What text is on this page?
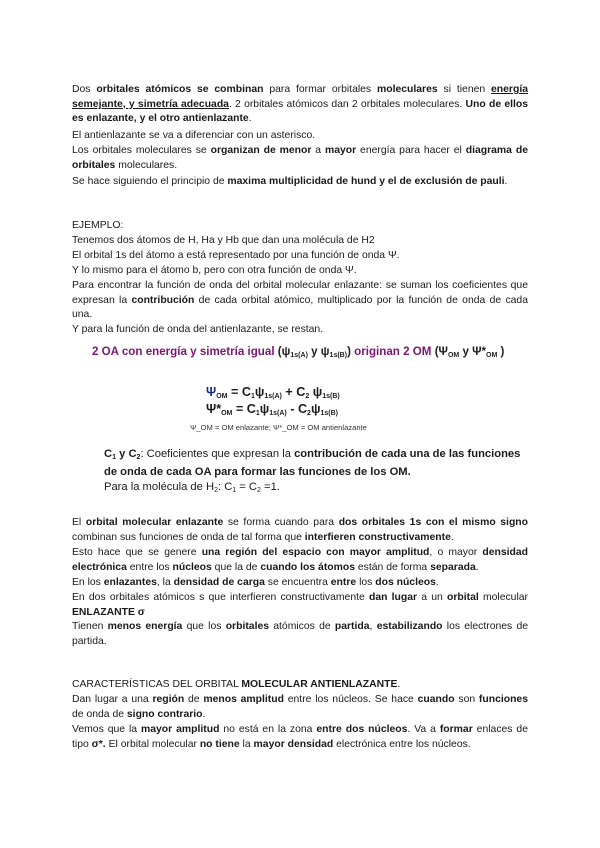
Dos orbitales atómicos se combinan para formar orbitales moleculares si tienen energía semejante, y simetría adecuada. 2 orbitales atómicos dan 2 orbitales moleculares. Uno de ellos es enlazante, y el otro antienlazante.

El antienlazante se va a diferenciar con un asterisco.

Los orbitales moleculares se organizan de menor a mayor energía para hacer el diagrama de orbitales moleculares.

Se hace siguiendo el principio de maxima multiplicidad de hund y el de exclusión de pauli.

EJEMPLO:

Tenemos dos átomos de H, Ha y Hb que dan una molécula de H2

El orbital 1s del átomo a está representado por una función de onda Ψ.

Y lo mismo para el átomo b, pero con otra función de onda Ψ.

Para encontrar la función de onda del orbital molecular enlazante: se suman los coeficientes que expresan la contribución de cada orbital atómico, multiplicado por la función de onda de cada una.

Y para la función de onda del antienlazante, se restan.

2 OA con energía y simetría igual ($\psi_{1s(A)}$ y $\psi_{1s(B)}$) originan 2 OM ($\Psi_{OM}$ y $\Psi*_{OM}$ )
$\Psi_{OM} = C_1\psi_{1s(A)} + C_2$ $\psi_{1s(B)}$
$\Psi*_{OM} = C_1\psi_{1s(A)} - C_2\psi_{1s(B)}$
Ψ_OM = OM enlazante; Ψ*_OM = OM antienlazante
$C_1$ y $C_2$: Coeficientes que expresan la contribución de cada una de las funciones de onda de cada OA para formar las funciones de los OM.
Para la molécula de $H_2$: $C_1 = C_2 =1$.

El orbital molecular enlazante se forma cuando para dos orbitales 1s con el mismo signo combinan sus funciones de onda de tal forma que interfieren constructivamente.

Esto hace que se genere una región del espacio con mayor amplitud, o mayor densidad electrónica entre los núcleos que la de cuando los átomos están de forma separada.

En los enlazantes, la densidad de carga se encuentra entre los dos núcleos.

En dos orbitales atómicos s que interfieren constructivamente dan lugar a un orbital molecular ENLAZANTE σ

Tienen menos energía que los orbitales atómicos de partida, estabilizando los electrones de partida.

CARACTERÍSTICAS DEL ORBITAL MOLECULAR ANTIENLAZANTE.

Dan lugar a una región de menos amplitud entre los núcleos. Se hace cuando son funciones de onda de signo contrario.

Vemos que la mayor amplitud no está en la zona entre dos núcleos. Va a formar enlaces de tipo σ*. El orbital molecular no tiene la mayor densidad electrónica entre los núcleos.
